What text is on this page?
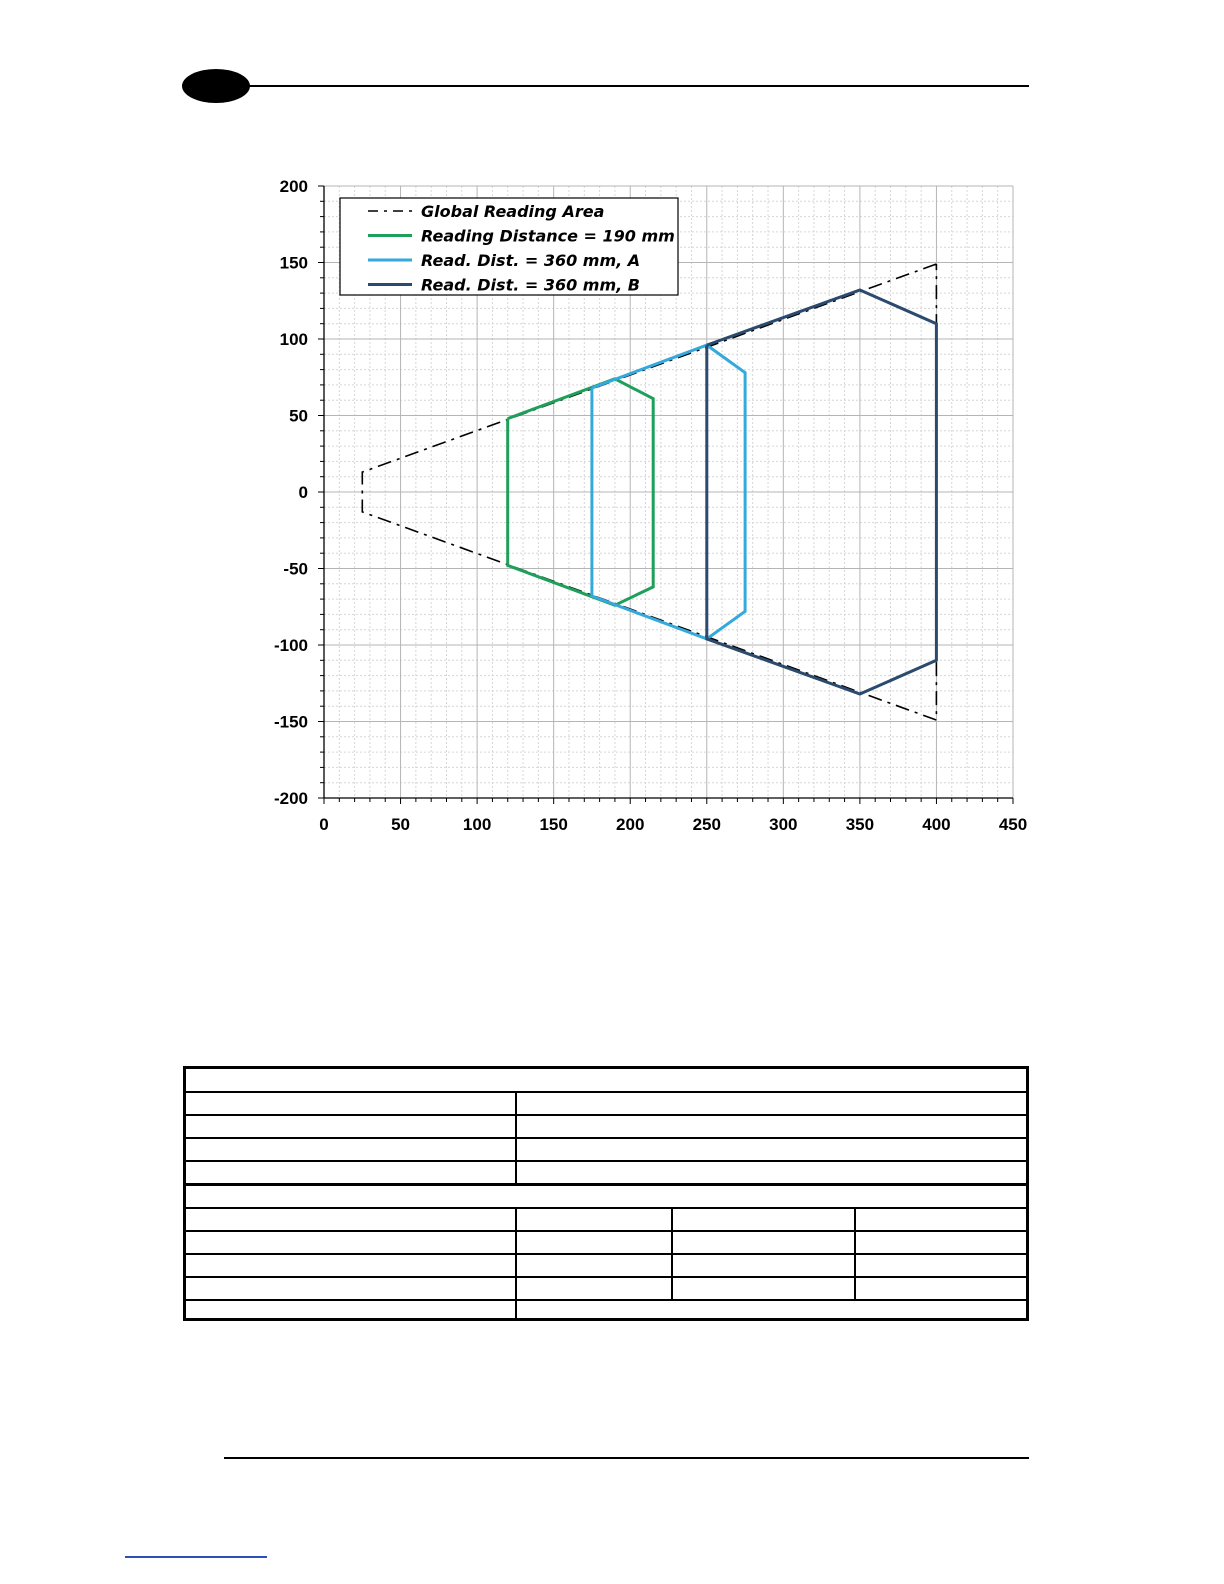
0	50	100	150	200	250	300	350	400	450
200
150
100
50
0
-50
-100
-150
-200
Global Reading Area
Reading Distance = 190 mm
Read. Dist. = 360 mm, A
Read. Dist. = 360 mm, B
